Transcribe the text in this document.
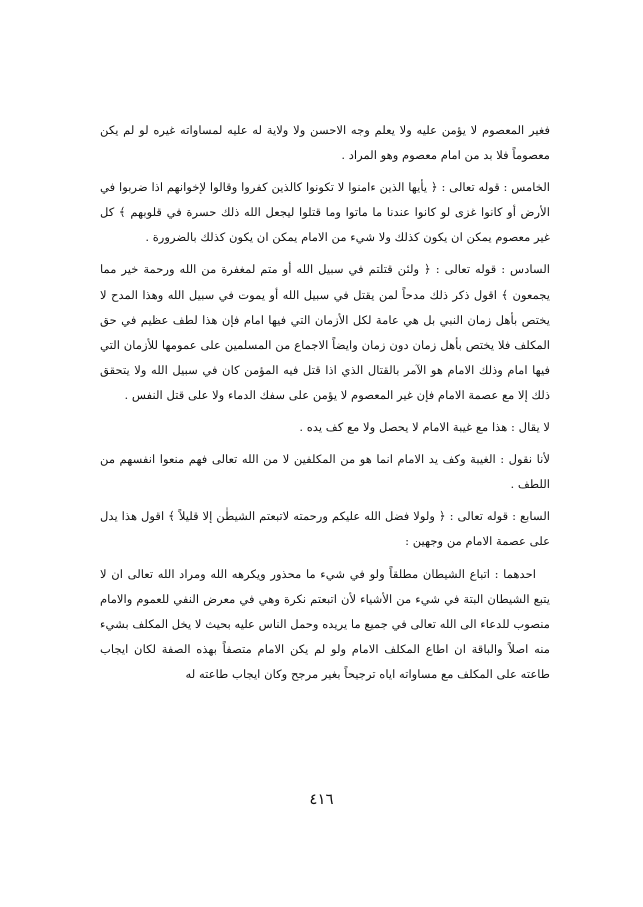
فغير المعصوم لا يؤمن عليه ولا يعلم وجه الاحسن ولا ولاية له عليه لمساواته غيره لو لم يكن معصوماً فلا بد من امام معصوم وهو المراد .

الخامس : قوله تعالى : ﴿ يأيها الذين ءامنوا لا تكونوا كالذين كفروا وقالوا لإخوانهم اذا ضربوا في الأرض أو كانوا غزى لو كانوا عندنا ما ماتوا وما قتلوا ليجعل الله ذلك حسرة في قلوبهم ﴾ كل غير معصوم يمكن ان يكون كذلك ولا شيء من الامام يمكن ان يكون كذلك بالضرورة .

السادس : قوله تعالى : ﴿ ولئن قتلتم في سبيل الله أو متم لمغفرة من الله ورحمة خير مما يجمعون ﴾ اقول ذكر ذلك مدحاً لمن يقتل في سبيل الله أو يموت في سبيل الله وهذا المدح لا يختص بأهل زمان النبي بل هي عامة لكل الأزمان التي فيها امام فإن هذا لطف عظيم في حق المكلف فلا يختص بأهل زمان دون زمان وايضاً الاجماع من المسلمين على عمومها للأزمان التي فيها امام وذلك الامام هو الآمر بالقتال الذي اذا قتل فيه المؤمن كان في سبيل الله ولا يتحقق ذلك إلا مع عصمة الامام فإن غير المعصوم لا يؤمن على سفك الدماء ولا على قتل النفس .

لا يقال : هذا مع غيبة الامام لا يحصل ولا مع كف يده .

لأنا نقول : الغيبة وكف يد الامام انما هو من المكلفين لا من الله تعالى فهم منعوا انفسهم من اللطف .

السابع : قوله تعالى : ﴿ ولولا فضل الله عليكم ورحمته لاتبعتم الشيطٰن إلا قليلاً ﴾ اقول هذا يدل على عصمة الامام من وجهين :

احدهما : اتباع الشيطان مطلقاً ولو في شيء ما محذور ويكرهه الله ومراد الله تعالى ان لا يتبع الشيطان البتة في شيء من الأشياء لأن اتبعتم نكرة وهي في معرض النفي للعموم والامام منصوب للدعاء الى الله تعالى في جميع ما يريده وحمل الناس عليه بحيث لا يخل المكلف بشيء منه اصلاً والباقة ان اطاع المكلف الامام ولو لم يكن الامام متصفاً بهذه الصفة لكان ايجاب طاعته على المكلف مع مساواته اياه ترجيحاً بغير مرجح وكان ايجاب طاعته له

٤١٦
